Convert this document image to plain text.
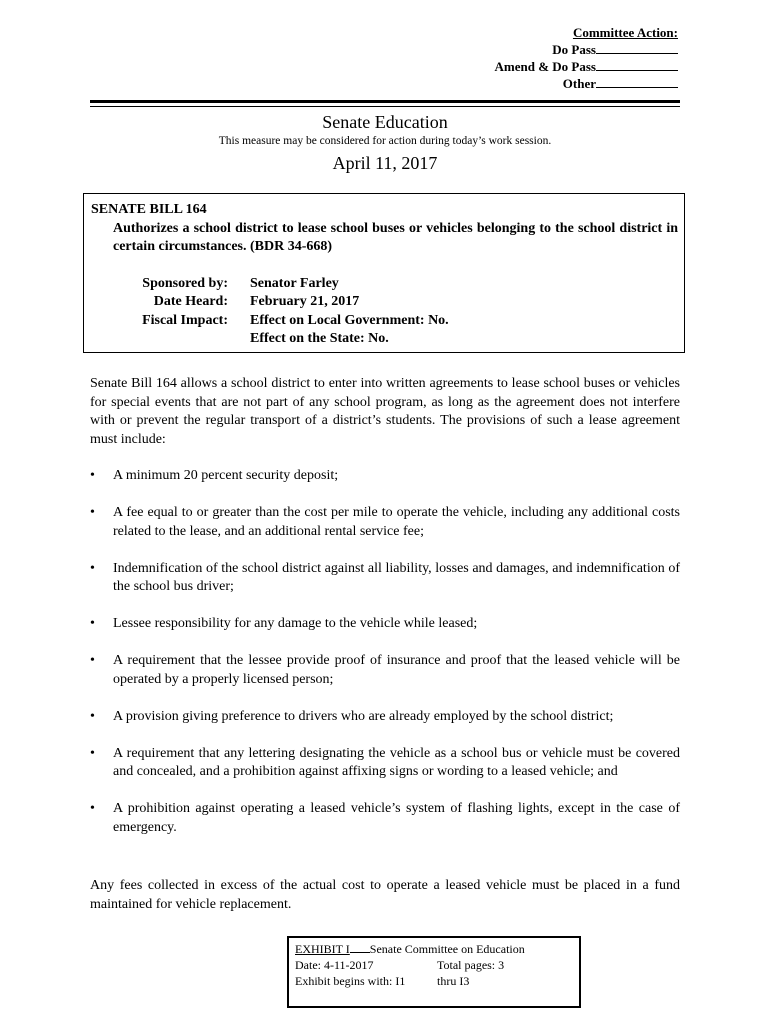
Committee Action:
Do Pass
Amend & Do Pass
Other
Senate Education
This measure may be considered for action during today’s work session.
April 11, 2017
SENATE BILL 164
Authorizes a school district to lease school buses or vehicles belonging to the school district in certain circumstances. (BDR 34-668)
Sponsored by:	Senator Farley
Date Heard:	February 21, 2017
Fiscal Impact:	Effect on Local Government: No.
Effect on the State: No.
Senate Bill 164 allows a school district to enter into written agreements to lease school buses or vehicles for special events that are not part of any school program, as long as the agreement does not interfere with or prevent the regular transport of a district’s students. The provisions of such a lease agreement must include:
• A minimum 20 percent security deposit;
• A fee equal to or greater than the cost per mile to operate the vehicle, including any additional costs related to the lease, and an additional rental service fee;
• Indemnification of the school district against all liability, losses and damages, and indemnification of the school bus driver;
• Lessee responsibility for any damage to the vehicle while leased;
• A requirement that the lessee provide proof of insurance and proof that the leased vehicle will be operated by a properly licensed person;
• A provision giving preference to drivers who are already employed by the school district;
• A requirement that any lettering designating the vehicle as a school bus or vehicle must be covered and concealed, and a prohibition against affixing signs or wording to a leased vehicle; and
• A prohibition against operating a leased vehicle’s system of flashing lights, except in the case of emergency.
Any fees collected in excess of the actual cost to operate a leased vehicle must be placed in a fund maintained for vehicle replacement.
EXHIBIT I Senate Committee on Education
Date: 4-11-2017	Total pages: 3
Exhibit begins with: I1	thru I3
